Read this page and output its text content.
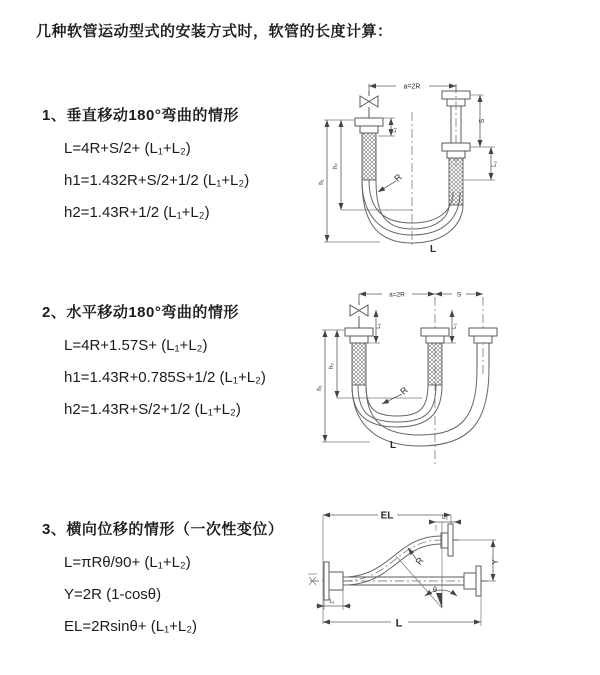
几种软管运动型式的安装方式时，软管的长度计算：
1、垂直移动180°弯曲的情形
L=4R+S/2+ (L₁+L₂)
h1=1.432R+S/2+1/2 (L₁+L₂)
h2=1.43R+1/2 (L₁+L₂)
2、水平移动180°弯曲的情形
L=4R+1.57S+ (L₁+L₂)
h1=1.43R+0.785S+1/2 (L₁+L₂)
h2=1.43R+S/2+1/2 (L₁+L₂)
3、横向位移的情形（一次性变位）
L=πRθ/90+ (L₁+L₂)
Y=2R (1-cosθ)
EL=2Rsinθ+ (L₁+L₂)
a=2R
L₁
S
L₂
h₁
h₂
R
L
a=2R	S
L₁	L₂
h₁
h₂
R
L
θ
R
EL	L₂
Y
L₁
L
